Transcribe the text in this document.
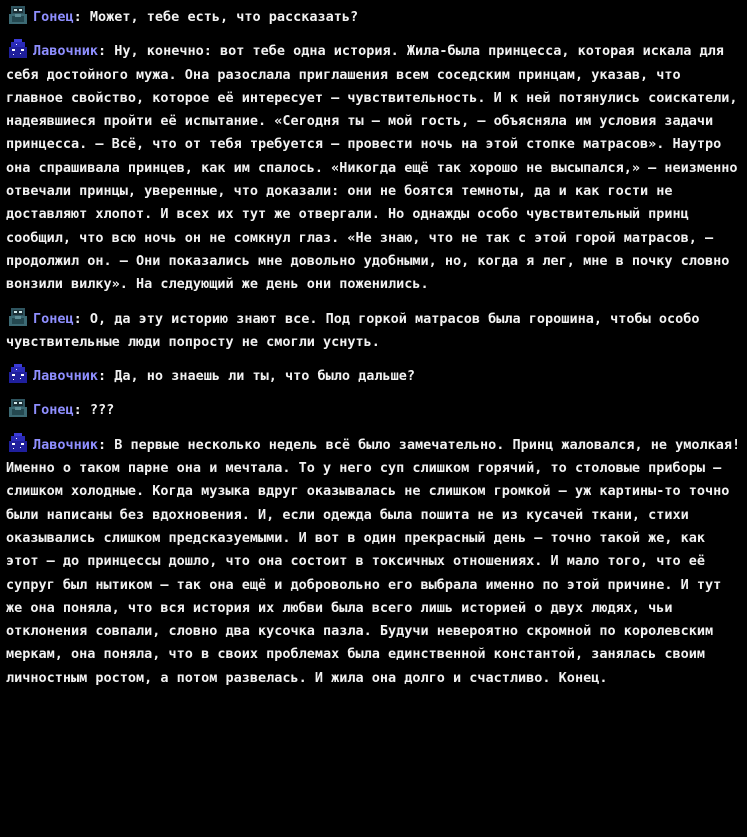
Гонец: Может, тебе есть, что рассказать?
Лавочник: Ну, конечно: вот тебе одна история. Жила-была принцесса, которая искала для себя достойного мужа. Она разослала приглашения всем соседским принцам, указав, что главное свойство, которое её интересует — чувствительность. И к ней потянулись соискатели, надеявшиеся пройти её испытание. «Сегодня ты — мой гость, — объясняла им условия задачи принцесса. — Всё, что от тебя требуется — провести ночь на этой стопке матрасов». Наутро она спрашивала принцев, как им спалось. «Никогда ещё так хорошо не высыпался,» — неизменно отвечали принцы, уверенные, что доказали: они не боятся темноты, да и как гости не доставляют хлопот. И всех их тут же отвергали. Но однажды особо чувствительный принц сообщил, что всю ночь он не сомкнул глаз. «Не знаю, что не так с этой горой матрасов, — продолжил он. — Они показались мне довольно удобными, но, когда я лег, мне в почку словно вонзили вилку». На следующий же день они поженились.
Гонец: О, да эту историю знают все. Под горкой матрасов была горошина, чтобы особо чувствительные люди попросту не смогли уснуть.
Лавочник: Да, но знаешь ли ты, что было дальше?
Гонец: ???
Лавочник: В первые несколько недель всё было замечательно. Принц жаловался, не умолкая! Именно о таком парне она и мечтала. То у него суп слишком горячий, то столовые приборы — слишком холодные. Когда музыка вдруг оказывалась не слишком громкой — уж картины-то точно были написаны без вдохновения. И, если одежда была пошита не из кусачей ткани, стихи оказывались слишком предсказуемыми. И вот в один прекрасный день — точно такой же, как этот — до принцессы дошло, что она состоит в токсичных отношениях. И мало того, что её супруг был нытиком — так она ещё и добровольно его выбрала именно по этой причине. И тут же она поняла, что вся история их любви была всего лишь историей о двух людях, чьи отклонения совпали, словно два кусочка пазла. Будучи невероятно скромной по королевским меркам, она поняла, что в своих проблемах была единственной константой, занялась своим личностным ростом, а потом развелась. И жила она долго и счастливо. Конец.
